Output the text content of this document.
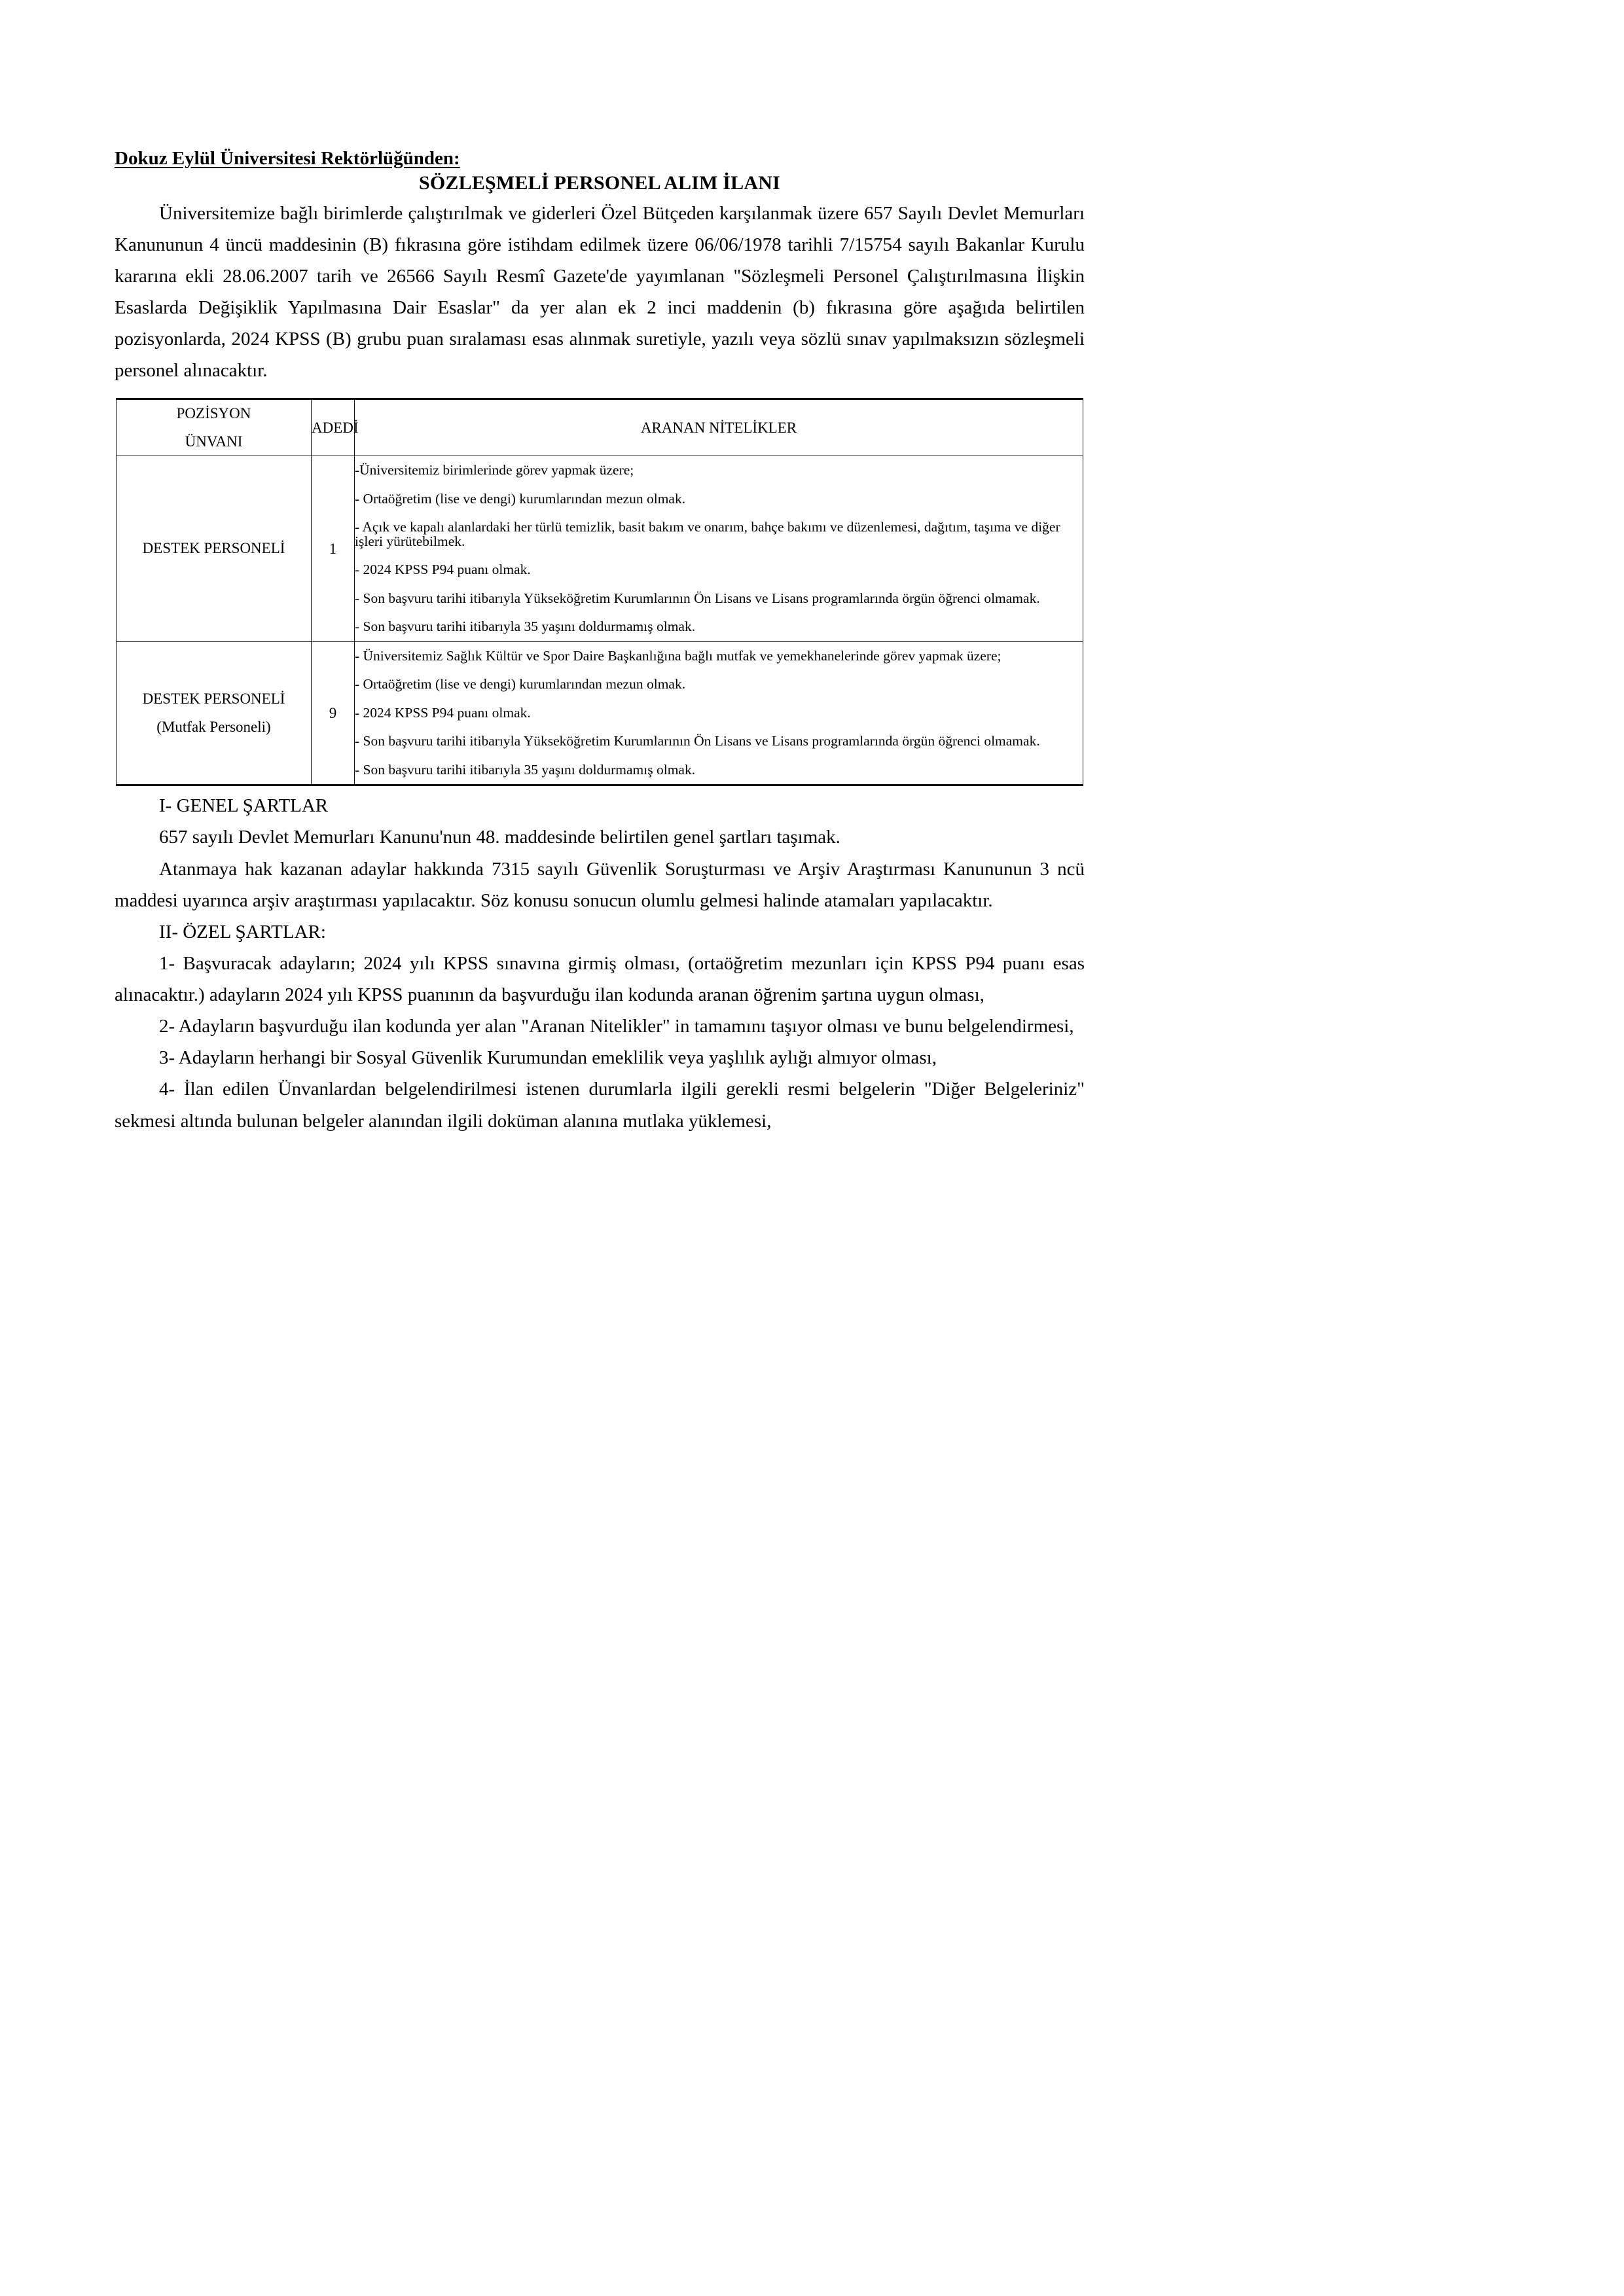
Dokuz Eylül Üniversitesi Rektörlüğünden:
SÖZLEŞMELİ PERSONEL ALIM İLANI

Üniversitemize bağlı birimlerde çalıştırılmak ve giderleri Özel Bütçeden karşılanmak üzere 657 Sayılı Devlet Memurları Kanununun 4 üncü maddesinin (B) fıkrasına göre istihdam edilmek üzere 06/06/1978 tarihli 7/15754 sayılı Bakanlar Kurulu kararına ekli 28.06.2007 tarih ve 26566 Sayılı Resmî Gazete'de yayımlanan "Sözleşmeli Personel Çalıştırılmasına İlişkin Esaslarda Değişiklik Yapılmasına Dair Esaslar" da yer alan ek 2 inci maddenin (b) fıkrasına göre aşağıda belirtilen pozisyonlarda, 2024 KPSS (B) grubu puan sıralaması esas alınmak suretiyle, yazılı veya sözlü sınav yapılmaksızın sözleşmeli personel alınacaktır.

POZİSYON
ÜNVANI	ADEDİ	ARANAN NİTELİKLER

DESTEK PERSONELİ	1	
-Üniversitemiz birimlerinde görev yapmak üzere;
- Ortaöğretim (lise ve dengi) kurumlarından mezun olmak.
- Açık ve kapalı alanlardaki her türlü temizlik, basit bakım ve onarım, bahçe bakımı ve düzenlemesi, dağıtım, taşıma ve diğer işleri yürütebilmek.
- 2024 KPSS P94 puanı olmak.
- Son başvuru tarihi itibarıyla Yükseköğretim Kurumlarının Ön Lisans ve Lisans programlarında örgün öğrenci olmamak.
- Son başvuru tarihi itibarıyla 35 yaşını doldurmamış olmak.

DESTEK PERSONELİ
(Mutfak Personeli)
	9	
- Üniversitemiz Sağlık Kültür ve Spor Daire Başkanlığına bağlı mutfak ve yemekhanelerinde görev yapmak üzere;
- Ortaöğretim (lise ve dengi) kurumlarından mezun olmak.
- 2024 KPSS P94 puanı olmak.
- Son başvuru tarihi itibarıyla Yükseköğretim Kurumlarının Ön Lisans ve Lisans programlarında örgün öğrenci olmamak.
- Son başvuru tarihi itibarıyla 35 yaşını doldurmamış olmak.
I- GENEL ŞARTLAR

657 sayılı Devlet Memurları Kanunu'nun 48. maddesinde belirtilen genel şartları taşımak.

Atanmaya hak kazanan adaylar hakkında 7315 sayılı Güvenlik Soruşturması ve Arşiv Araştırması Kanununun 3 ncü maddesi uyarınca arşiv araştırması yapılacaktır. Söz konusu sonucun olumlu gelmesi halinde atamaları yapılacaktır.

II- ÖZEL ŞARTLAR:

1- Başvuracak adayların; 2024 yılı KPSS sınavına girmiş olması, (ortaöğretim mezunları için KPSS P94 puanı esas alınacaktır.) adayların 2024 yılı KPSS puanının da başvurduğu ilan kodunda aranan öğrenim şartına uygun olması,

2- Adayların başvurduğu ilan kodunda yer alan "Aranan Nitelikler" in tamamını taşıyor olması ve bunu belgelendirmesi,

3- Adayların herhangi bir Sosyal Güvenlik Kurumundan emeklilik veya yaşlılık aylığı almıyor olması,

4- İlan edilen Ünvanlardan belgelendirilmesi istenen durumlarla ilgili gerekli resmi belgelerin "Diğer Belgeleriniz" sekmesi altında bulunan belgeler alanından ilgili doküman alanına mutlaka yüklemesi,
